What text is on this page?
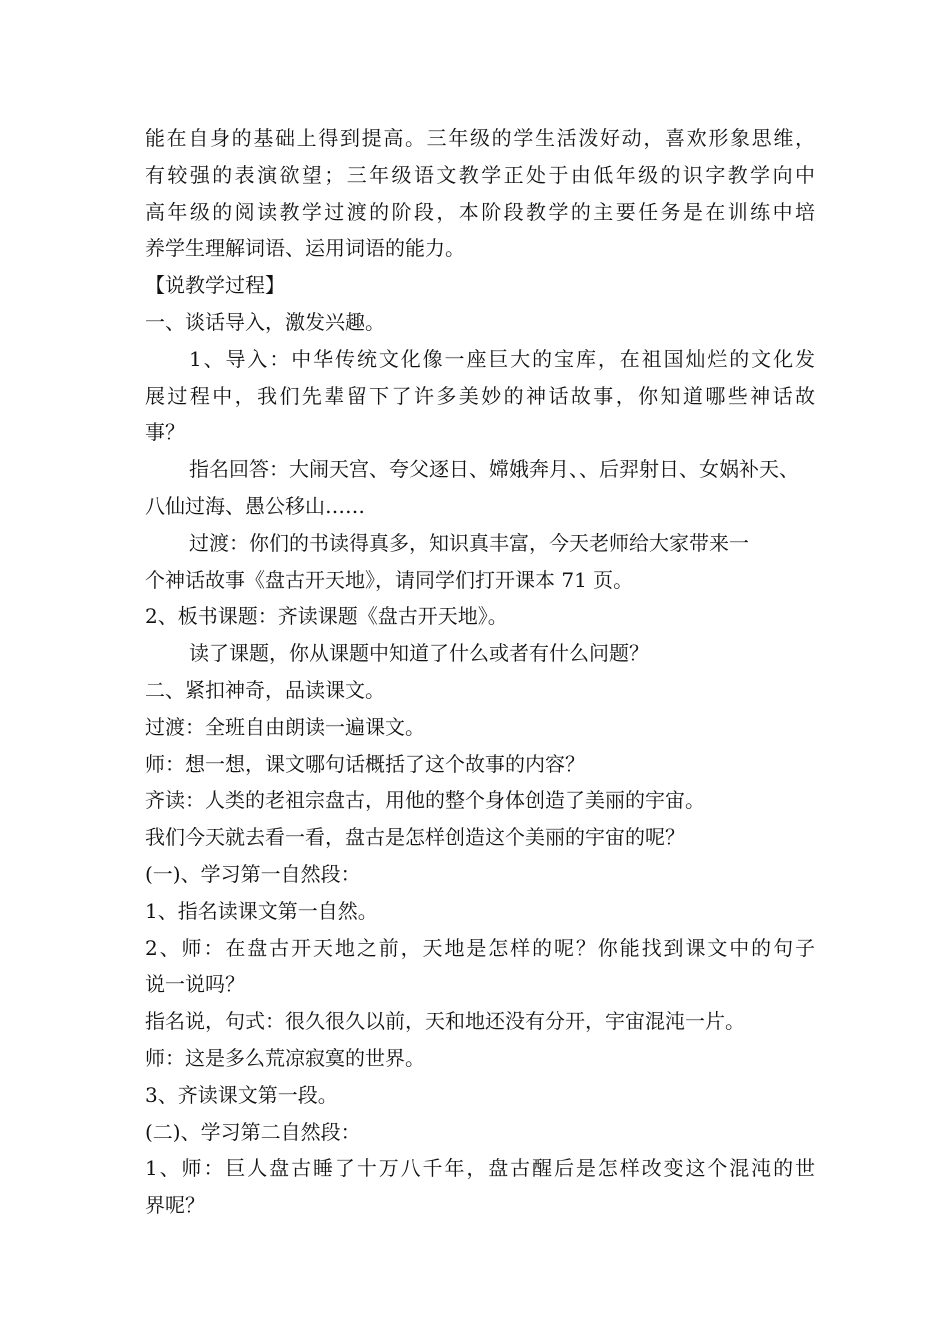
能在自身的基础上得到提高。三年级的学生活泼好动，喜欢形象思维，
有较强的表演欲望；三年级语文教学正处于由低年级的识字教学向中
高年级的阅读教学过渡的阶段，本阶段教学的主要任务是在训练中培
养学生理解词语、运用词语的能力。
【说教学过程】
一、谈话导入，激发兴趣。
1、导入：中华传统文化像一座巨大的宝库，在祖国灿烂的文化发
展过程中，我们先辈留下了许多美妙的神话故事，你知道哪些神话故
事？
指名回答：大闹天宫、夸父逐日、嫦娥奔月、、后羿射日、女娲补天、
八仙过海、愚公移山……
过渡：你们的书读得真多，知识真丰富，今天老师给大家带来一
个神话故事《盘古开天地》，请同学们打开课本 71 页。
2、板书课题：齐读课题《盘古开天地》。
读了课题，你从课题中知道了什么或者有什么问题？
二、紧扣神奇，品读课文。
过渡：全班自由朗读一遍课文。
师：想一想，课文哪句话概括了这个故事的内容？
齐读：人类的老祖宗盘古，用他的整个身体创造了美丽的宇宙。
我们今天就去看一看，盘古是怎样创造这个美丽的宇宙的呢？
(一)、学习第一自然段：
1、指名读课文第一自然。
2、师：在盘古开天地之前，天地是怎样的呢？你能找到课文中的句子
说一说吗？
指名说，句式：很久很久以前，天和地还没有分开，宇宙混沌一片。
师：这是多么荒凉寂寞的世界。
3、齐读课文第一段。
(二)、学习第二自然段：
1、师：巨人盘古睡了十万八千年，盘古醒后是怎样改变这个混沌的世
界呢？
